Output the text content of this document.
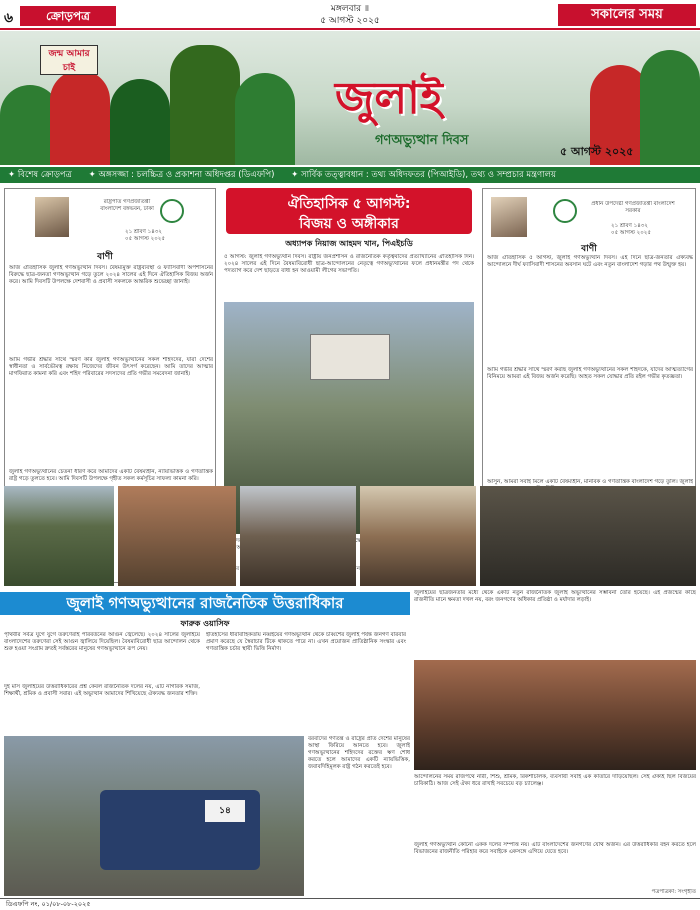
৬	ক্রোড়পত্র	মঙ্গলবার ॥
৫ আগস্ট ২০২৫	সকালের সময়
জন্ম আমার চাই
জুলাই
গণঅভ্যুত্থান দিবস
৫ আগস্ট ২০২৫
✦ বিশেষ ক্রোড়পত্র ✦ অঙ্গসজ্জা : চলচ্চিত্র ও প্রকাশনা অধিদপ্তর (ডিএফপি) ✦ সার্বিক তত্ত্বাবধান : তথ্য অধিদফতর (পিআইডি), তথ্য ও সম্প্রচার মন্ত্রণালয়
রাষ্ট্রপতি গণপ্রজাতন্ত্রী বাংলাদেশ বঙ্গভবন, ঢাকা
২১ শ্রাবণ ১৪৩২
০৫ আগস্ট ২০২৫
বাণী
আজ ঐতিহাসিক জুলাই গণঅভ্যুত্থান দিবস। বৈষম্যমুক্ত রাষ্ট্রব্যবস্থা ও ফ্যাসিবাদী অপশাসনের বিরুদ্ধে ছাত্র-জনতা গণঅভ্যুত্থান গড়ে তুলে ২০২৪ সালের এই দিনে ঐতিহাসিক বিজয় অর্জন করে। আমি দিবসটি উপলক্ষে দেশবাসী ও প্রবাসী সকলকে আন্তরিক শুভেচ্ছা জানাই।
আমি গভীর শ্রদ্ধার সাথে স্মরণ করি জুলাই গণঅভ্যুত্থানের সকল শহিদদের, যারা দেশের স্বাধীনতা ও সার্বভৌমত্ব রক্ষায় নিজেদের জীবন উৎসর্গ করেছেন। আমি তাদের আত্মার মাগফিরাত কামনা করি এবং শহিদ পরিবারের সদস্যদের প্রতি গভীর সমবেদনা জানাই।
জুলাই গণঅভ্যুত্থানের চেতনা ধারণ করে আমাদের একটি বৈষম্যহীন, ন্যায়ভিত্তিক ও গণতান্ত্রিক রাষ্ট্র গড়ে তুলতে হবে। আমি দিবসটি উপলক্ষে গৃহীত সকল কর্মসূচির সাফল্য কামনা করি।
ঐতিহাসিক ৫ আগস্ট:
বিজয় ও অঙ্গীকার
অধ্যাপক নিয়াজ আহমদ খান, পিএইচডি
৫ আগস্ট: জুলাই গণঅভ্যুত্থান দিবস। রাষ্ট্রীয় জনপ্রশাসন ও রাজনৈতিক কর্তৃত্ববাদের প্রত্যাখ্যানের ঐতিহাসিক দিন। ২০২৪ সালের এই দিনে বৈষম্যবিরোধী ছাত্র-আন্দোলনের নেতৃত্বে গণঅভ্যুত্থানের ফলে প্রধানমন্ত্রীর পদ থেকে পদত্যাগ করে দেশ ছাড়তে বাধ্য হন আওয়ামী লীগের সভাপতি।
দেড়
প্রধান উপদেষ্টা গণপ্রজাতন্ত্রী বাংলাদেশ সরকার
২১ শ্রাবণ ১৪৩২
০৫ আগস্ট ২০২৫
বাণী
আজ ঐতিহাসিক ৫ আগস্ট, জুলাই গণঅভ্যুত্থান দিবস। এই দিনে ছাত্র-জনতার ঐক্যবদ্ধ আন্দোলনে দীর্ঘ ফ্যাসিবাদী শাসনের অবসান ঘটে এবং নতুন বাংলাদেশ গড়ার পথ উন্মুক্ত হয়।
আমি গভীর শ্রদ্ধার সাথে স্মরণ করছি জুলাই গণঅভ্যুত্থানের সকল শহিদকে, যাদের আত্মত্যাগের বিনিময়ে আমরা এই বিজয় অর্জন করেছি। আহত সকল যোদ্ধার প্রতি রইল গভীর কৃতজ্ঞতা।
আসুন, আমরা সবাই মিলে একটি বৈষম্যহীন, মানবিক ও গণতান্ত্রিক বাংলাদেশ গড়ে তুলি। জুলাই
জুলাই গণঅভ্যুত্থানের রাজনৈতিক উত্তরাধিকার
ফারুক ওয়াসিফ
পৃথিবীর সর্বত্র যুগে যুগে তরুণেরাই পরিবর্তনের আগুন জ্বেলেছে। ২০২৪ সালের জুলাইয়ে বাংলাদেশের তরুণেরা সেই আগুন জ্বালিয়ে দিয়েছিল। বৈষম্যবিরোধী ছাত্র আন্দোলন থেকে শুরু হওয়া সংগ্রাম দ্রুতই সর্বস্তরের মানুষের গণঅভ্যুত্থানে রূপ নেয়।
দুই মাস জুলাইয়ের উত্তরাধিকারের প্রশ্ন কেবল রাজনৈতিক দলের নয়, এটি নাগরিক সমাজ, শিক্ষার্থী, শ্রমিক ও প্রবাসী সবার। এই অভ্যুত্থান আমাদের শিখিয়েছে ঐক্যবদ্ধ জনতার শক্তি।
ইতিহাসের ধারাবাহিকতায় নব্বইয়ের গণঅভ্যুত্থান থেকে চব্বিশের জুলাই পর্যন্ত জনগণ বারবার প্রমাণ করেছে যে স্বৈরাচার টিকে থাকতে পারে না। এখন প্রয়োজন প্রাতিষ্ঠানিক সংস্কার এবং গণতান্ত্রিক চর্চার স্থায়ী ভিত্তি নির্মাণ।
১৪
বরবাদের গণতন্ত্র ও রাষ্ট্রের প্রতি দেশের মানুষের আস্থা ফিরিয়ে আনতে হবে। জুলাই গণঅভ্যুত্থানের শহিদদের রক্তের ঋণ শোধ করতে হলে আমাদের একটি ন্যায়ভিত্তিক, জবাবদিহিমূলক রাষ্ট্র গঠন করতেই হবে।
জুলাইয়ের ছাত্রজনতার মধ্যে থেকে একটি নতুন রাজনৈতিক জুলাই অভ্যুত্থানের সম্ভাবনা তৈরি হয়েছে। এই প্রজন্মের কাছে রাজনীতি মানে ক্ষমতা দখল নয়, বরং জনগণের অধিকার প্রতিষ্ঠা ও মর্যাদার লড়াই।
আন্দোলনের সময় রাজপথে নারী, শিশু, শ্রমিক, রিকশাচালক, ব্যবসায়ী সবাই এক কাতারে দাঁড়িয়েছিল। সেই ঐক্যই ছিল বিজয়ের চাবিকাঠি। আজ সেই ঐক্য ধরে রাখাই সবচেয়ে বড় চ্যালেঞ্জ।
জুলাই গণঅভ্যুত্থান কোনো একক দলের সম্পত্তি নয়। এটি বাংলাদেশের জনগণের যৌথ অর্জন। এর উত্তরাধিকার বহন করতে হলে বিভাজনের রাজনীতি পরিহার করে সবাইকে একসঙ্গে এগিয়ে যেতে হবে।
পত্রপত্রিকা: সংগৃহীত
ডিএফপি নং, ০১/০৮-০৮-২০২৫
